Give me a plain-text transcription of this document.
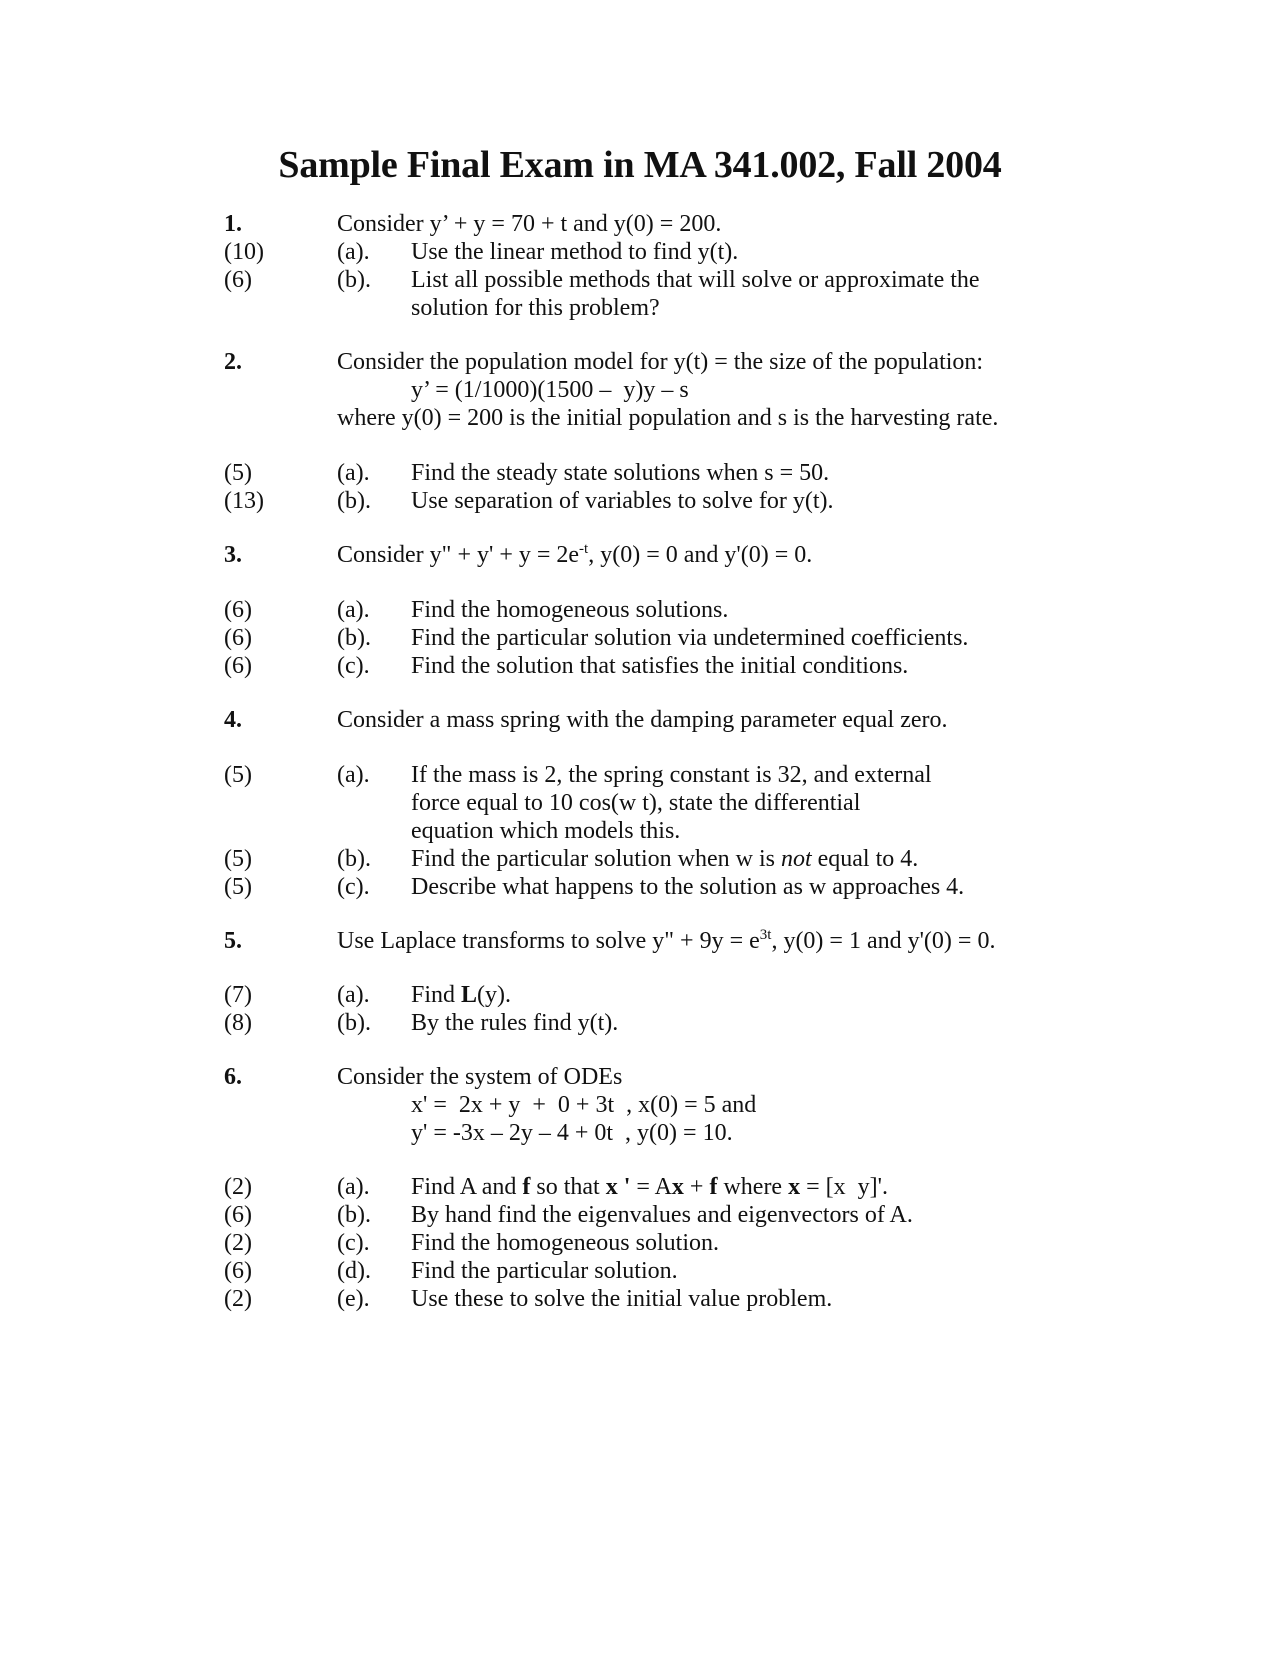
Sample Final Exam in MA 341.002, Fall 2004
1.	Consider y’ + y = 70 + t and y(0) = 200.
(10)	(a). Use the linear method to find y(t).
(6)	(b). List all possible methods that will solve or approximate the
solution for this problem?
2.	Consider the population model for y(t) = the size of the population:
y’ = (1/1000)(1500 –  y)y – s
where y(0) = 200 is the initial population and s is the harvesting rate.
(5)	(a). Find the steady state solutions when s = 50.
(13)	(b). Use separation of variables to solve for y(t).
3.	Consider y" + $y' + y = 2e^{-t}$, y(0) = 0 and y'(0) = 0.
(6)	(a). Find the homogeneous solutions.
(6)	(b). Find the particular solution via undetermined coefficients.
(6)	(c). Find the solution that satisfies the initial conditions.
4.	Consider a mass spring with the damping parameter equal zero.
(5)	(a). If the mass is 2, the spring constant is 32, and external
force equal to 10 cos(w t), state the differential
equation which models this.
(5)	(b). Find the particular solution when w is not equal to 4.
(5)	(c). Describe what happens to the solution as w approaches 4.
5.	Use Laplace transforms to solve y" + $9y = e^{3t}$, y(0) = 1 and y'(0) = 0.
(7)	(a). Find L(y).
(8)	(b). By the rules find y(t).
6.	Consider the system of ODEs
x' =  2x + y  +  0 + 3t  , x(0) = 5 and
y' = -3x – 2y – 4 + 0t  , y(0) = 10.
(2)	(a). Find A and f so that x ' = Ax + f where x = [x  y]'.
(6)	(b). By hand find the eigenvalues and eigenvectors of A.
(2)	(c). Find the homogeneous solution.
(6)	(d). Find the particular solution.
(2)	(e). Use these to solve the initial value problem.
